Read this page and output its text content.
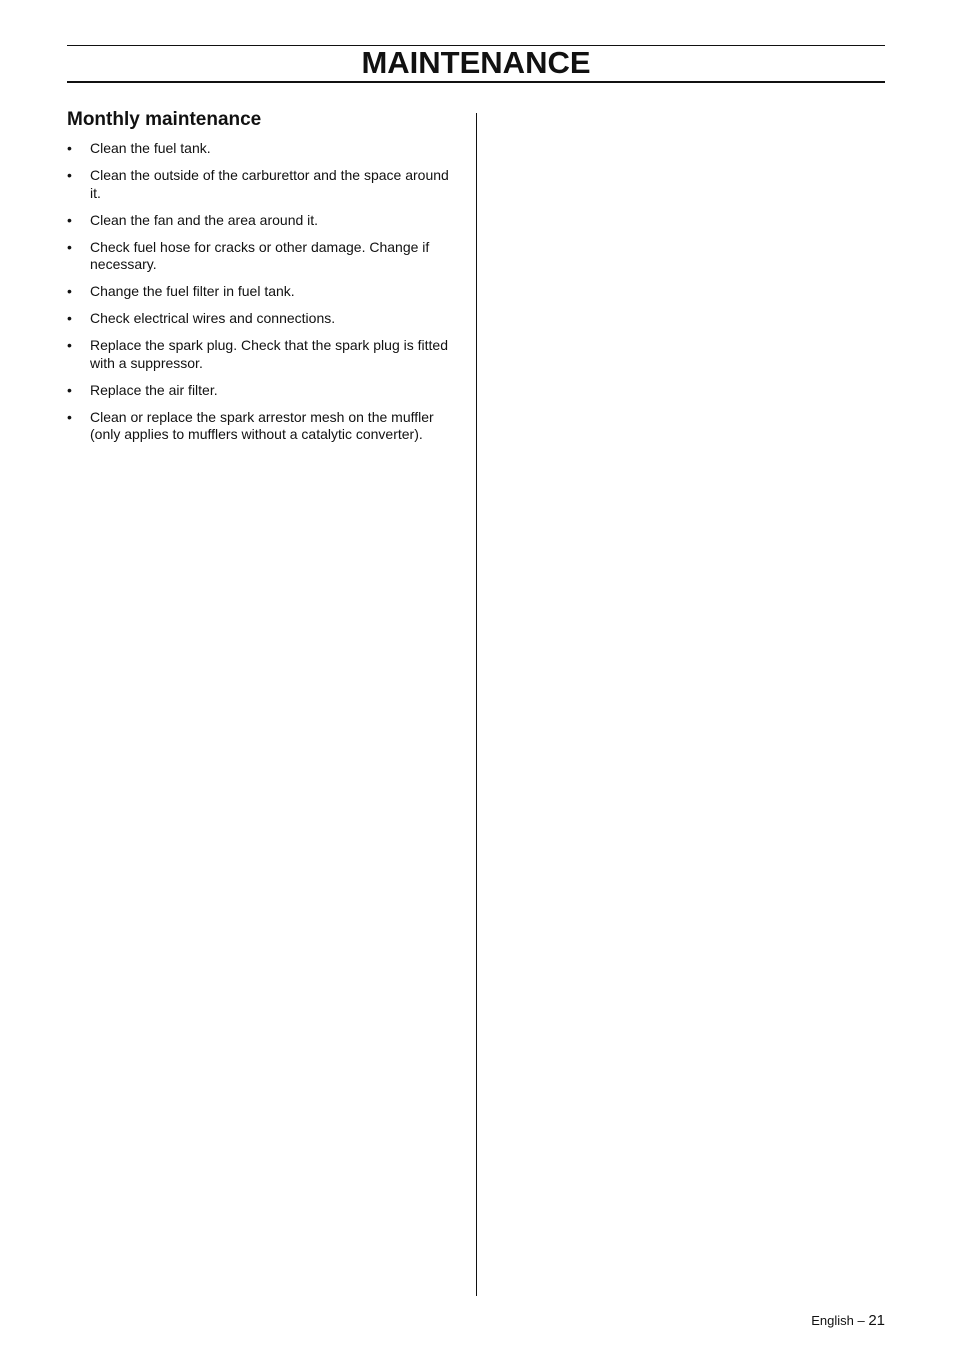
MAINTENANCE
Monthly maintenance
• Clean the fuel tank.
• Clean the outside of the carburettor and the space around it.
• Clean the fan and the area around it.
• Check fuel hose for cracks or other damage. Change if necessary.
• Change the fuel filter in fuel tank.
• Check electrical wires and connections.
• Replace the spark plug. Check that the spark plug is fitted with a suppressor.
• Replace the air filter.
• Clean or replace the spark arrestor mesh on the muffler (only applies to mufflers without a catalytic converter).
English – 21
